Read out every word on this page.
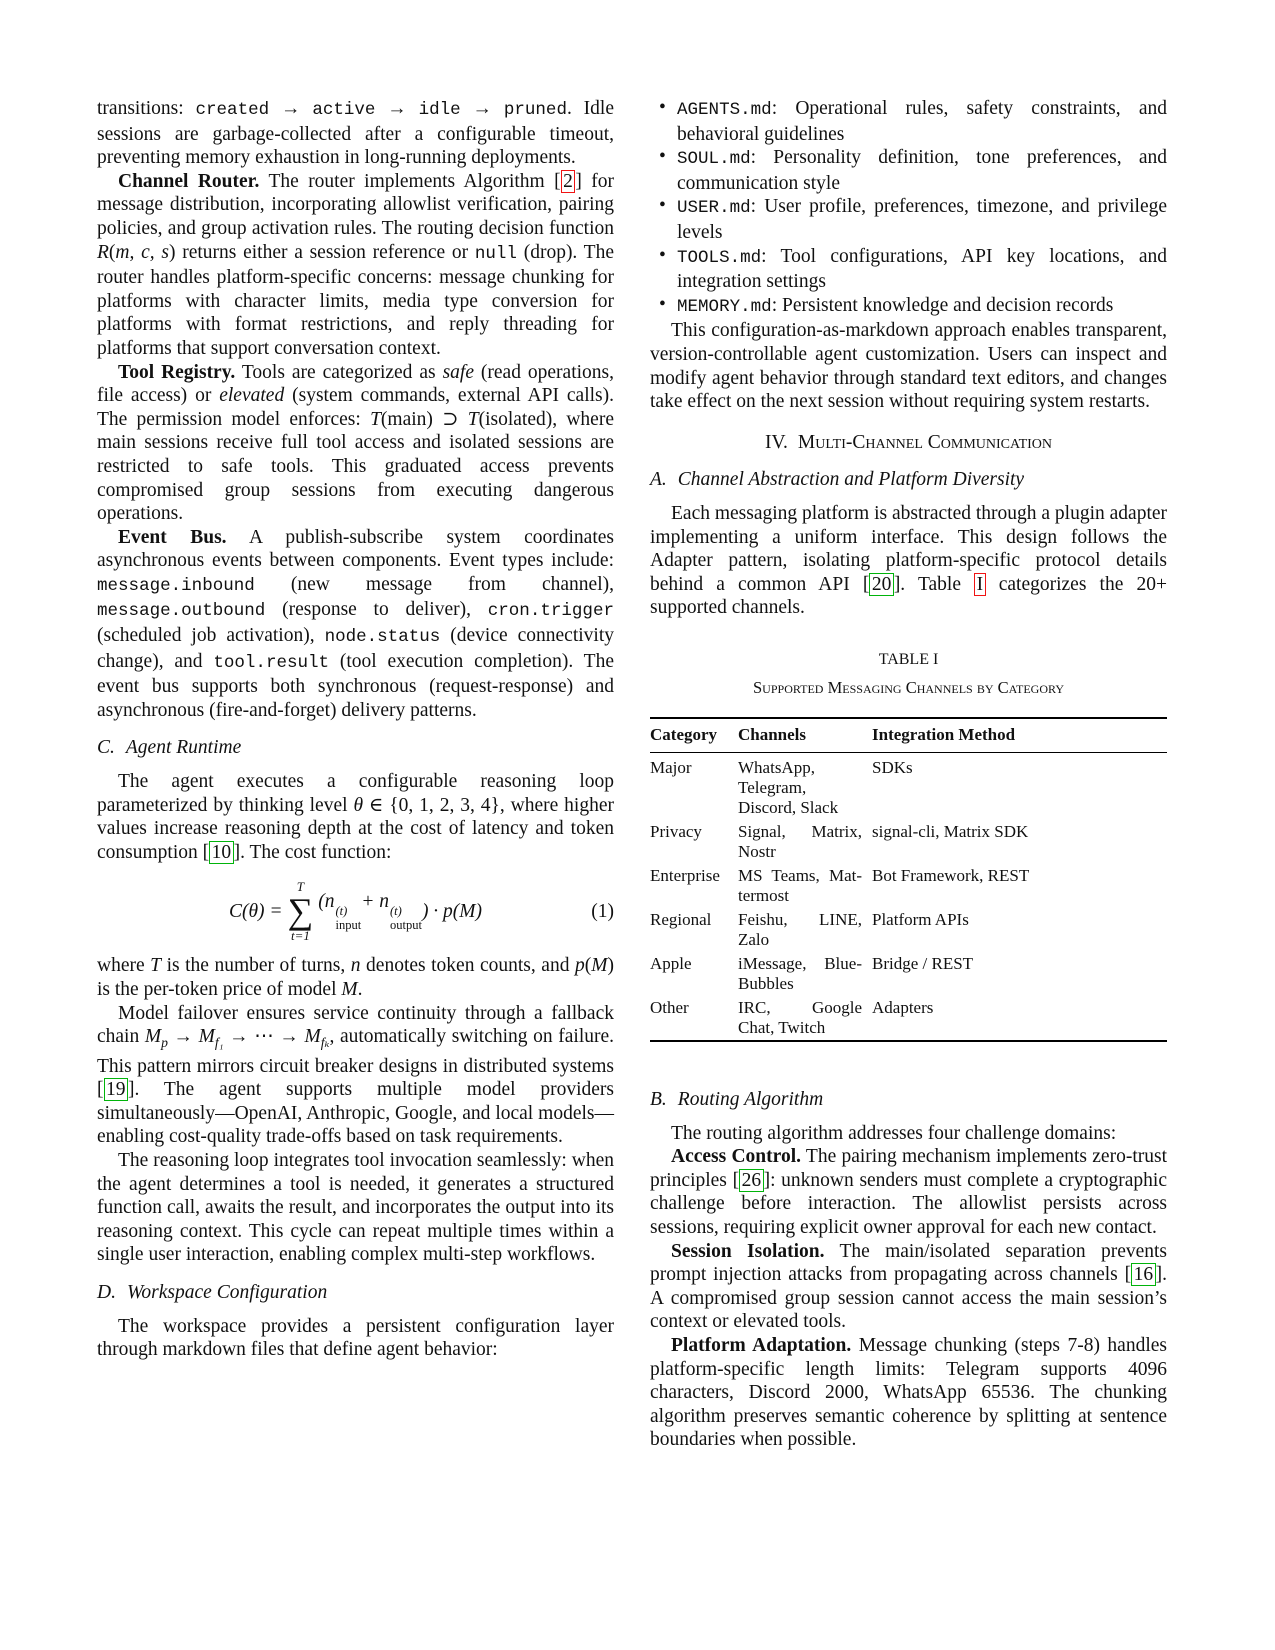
transitions: created → active → idle → pruned. Idle sessions are garbage-collected after a configurable timeout, preventing memory exhaustion in long-running deployments.

Channel Router. The router implements Algorithm [ 2 ] for message distribution, incorporating allowlist verification, pairing policies, and group activation rules. The routing decision function R(m, c, s) returns either a session reference or null (drop). The router handles platform-specific concerns: message chunking for platforms with character limits, media type conversion for platforms with format restrictions, and reply threading for platforms that support conversation context.

Tool Registry. Tools are categorized as safe (read operations, file access) or elevated (system commands, external API calls). The permission model enforces: T(main) ⊃ T(isolated), where main sessions receive full tool access and isolated sessions are restricted to safe tools. This graduated access prevents compromised group sessions from executing dangerous operations.

Event Bus. A publish-subscribe system coordinates asynchronous events between components. Event types include: message.inbound (new message from channel), message.outbound (response to deliver), cron.trigger (scheduled job activation), node.status (device connectivity change), and tool.result (tool execution completion). The event bus supports both synchronous (request-response) and asynchronous (fire-and-forget) delivery patterns.

C. Agent Runtime

The agent executes a configurable reasoning loop parameterized by thinking level θ ∈ {0, 1, 2, 3, 4}, where higher values increase reasoning depth at the cost of latency and token consumption [ 10 ]. The cost function:

C(θ) =
T
∑
t=1
(n (t)
input
+ n (t)
output
) · p(M)	(1)

where T is the number of turns, n denotes token counts, and p(M) is the per-token price of model M.

Model failover ensures service continuity through a fallback chain $M_p \to M_{f_1}$ → ⋯ → $M_{f_k}$, automatically switching on failure. This pattern mirrors circuit breaker designs in distributed systems [ 19 ]. The agent supports multiple model providers simultaneously—OpenAI, Anthropic, Google, and local models—enabling cost-quality trade-offs based on task requirements.

The reasoning loop integrates tool invocation seamlessly: when the agent determines a tool is needed, it generates a structured function call, awaits the result, and incorporates the output into its reasoning context. This cycle can repeat multiple times within a single user interaction, enabling complex multi-step workflows.

D. Workspace Configuration

The workspace provides a persistent configuration layer through markdown files that define agent behavior:

• AGENTS.md: Operational rules, safety constraints, and behavioral guidelines
• SOUL.md: Personality definition, tone preferences, and communication style
• USER.md: User profile, preferences, timezone, and privilege levels
• TOOLS.md: Tool configurations, API key locations, and integration settings
• MEMORY.md: Persistent knowledge and decision records

This configuration-as-markdown approach enables transparent, version-controllable agent customization. Users can inspect and modify agent behavior through standard text editors, and changes take effect on the next session without requiring system restarts.

IV. Multi-Channel Communication
A. Channel Abstraction and Platform Diversity

Each messaging platform is abstracted through a plugin adapter implementing a uniform interface. This design follows the Adapter pattern, isolating platform-specific protocol details behind a common API [ 20 ]. Table I categorizes the 20+ supported channels.

TABLE I
Supported Messaging Channels by Category
Category	Channels	Integration Method
Major	WhatsApp,
Telegram,
Discord, Slack	SDKs
Privacy	Signal, Matrix,
Nostr	signal-cli, Matrix SDK
Enterprise	MS Teams, Mat-
termost	Bot Framework, REST
Regional	Feishu, LINE,
Zalo	Platform APIs
Apple	iMessage, Blue-
Bubbles	Bridge / REST
Other	IRC, Google
Chat, Twitch	Adapters
B. Routing Algorithm

The routing algorithm addresses four challenge domains:

Access Control. The pairing mechanism implements zero-trust principles [ 26 ]: unknown senders must complete a cryptographic challenge before interaction. The allowlist persists across sessions, requiring explicit owner approval for each new contact.

Session Isolation. The main/isolated separation prevents prompt injection attacks from propagating across channels [ 16 ]. A compromised group session cannot access the main session’s context or elevated tools.

Platform Adaptation. Message chunking (steps 7-8) handles platform-specific length limits: Telegram supports 4096 characters, Discord 2000, WhatsApp 65536. The chunking algorithm preserves semantic coherence by splitting at sentence boundaries when possible.
